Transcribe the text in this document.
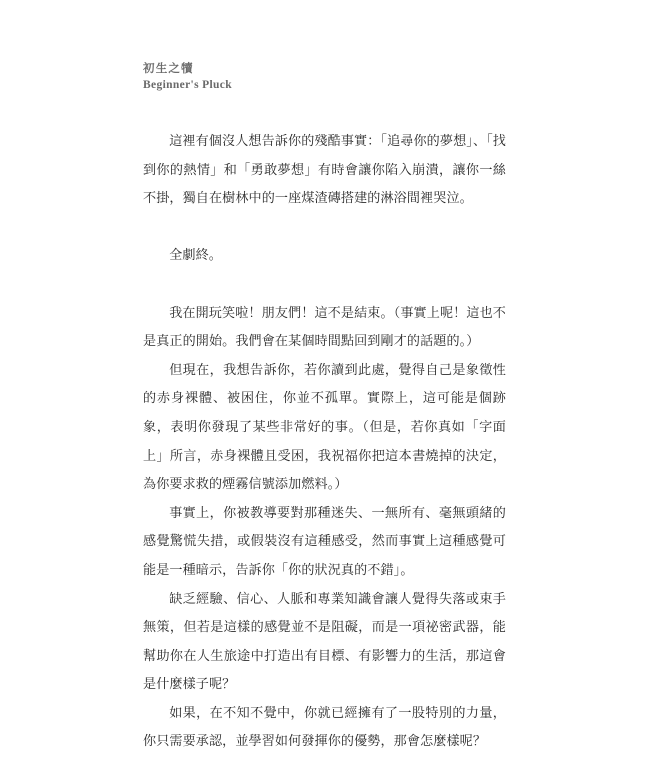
初生之犢
Beginner's Pluck

這裡有個沒人想告訴你的殘酷事實：「追尋你的夢想」、「找到你的熱情」和「勇敢夢想」有時會讓你陷入崩潰，讓你一絲不掛，獨自在樹林中的一座煤渣磚搭建的淋浴間裡哭泣。

全劇終。

我在開玩笑啦！朋友們！這不是結束。（事實上呢！這也不是真正的開始。我們會在某個時間點回到剛才的話題的。）

但現在，我想告訴你，若你讀到此處，覺得自己是象徵性的赤身裸體、被困住，你並不孤單。實際上，這可能是個跡象，表明你發現了某些非常好的事。（但是，若你真如「字面上」所言，赤身裸體且受困，我祝福你把這本書燒掉的決定，為你要求救的煙霧信號添加燃料。）

事實上，你被教導要對那種迷失、一無所有、毫無頭緒的感覺驚慌失措，或假裝沒有這種感受，然而事實上這種感覺可能是一種暗示，告訴你「你的狀況真的不錯」。

缺乏經驗、信心、人脈和專業知識會讓人覺得失落或束手無策，但若是這樣的感覺並不是阻礙，而是一項祕密武器，能幫助你在人生旅途中打造出有目標、有影響力的生活，那這會是什麼樣子呢？

如果，在不知不覺中，你就已經擁有了一股特別的力量，你只需要承認，並學習如何發揮你的優勢，那會怎麼樣呢？
